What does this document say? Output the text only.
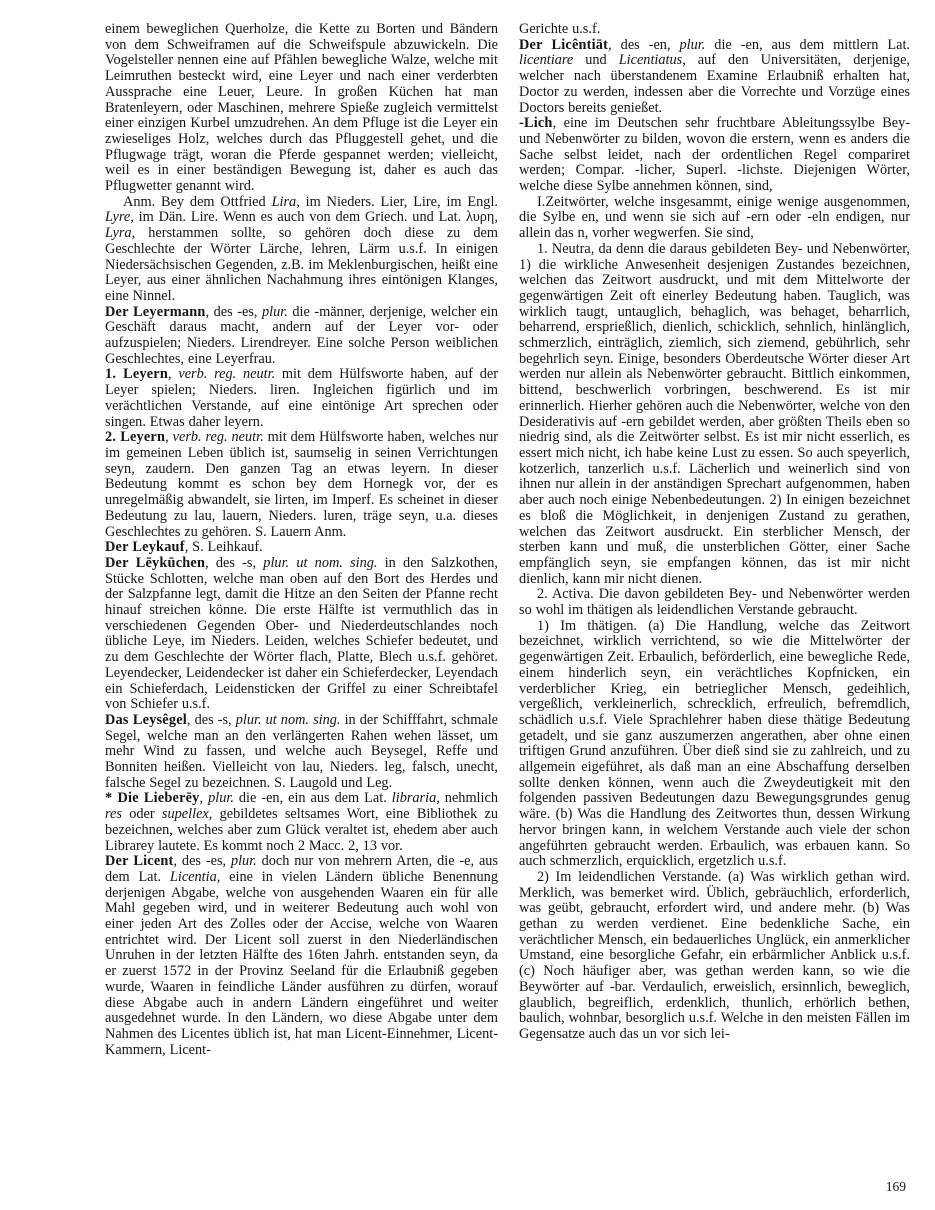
einem beweglichen Querholze, die Kette zu Borten und Bändern von dem Schweiframen auf die Schweifspule abzuwickeln. Die Vogelsteller nennen eine auf Pfählen bewegliche Walze, welche mit Leimruthen besteckt wird, eine Leyer und nach einer verderbten Aussprache eine Leuer, Leure. In großen Küchen hat man Bratenleyern, oder Maschinen, mehrere Spieße zugleich vermittelst einer einzigen Kurbel umzudrehen. An dem Pfluge ist die Leyer ein zwieseliges Holz, welches durch das Pfluggestell gehet, und die Pflugwage trägt, woran die Pferde gespannet werden; vielleicht, weil es in einer beständigen Bewegung ist, daher es auch das Pflugwetter genannt wird.

Anm. Bey dem Ottfried Lira, im Nieders. Lier, Lire, im Engl. Lyre, im Dän. Lire. Wenn es auch von dem Griech. und Lat. λυρη, Lyra, herstammen sollte, so gehören doch diese zu dem Geschlechte der Wörter Lärche, lehren, Lärm u.s.f. In einigen Niedersächsischen Gegenden, z.B. im Meklenburgischen, heißt eine Leyer, aus einer ähnlichen Nachahmung ihres eintönigen Klanges, eine Ninnel.

Der Leyermann, des -es, plur. die -männer, derjenige, welcher ein Geschäft daraus macht, andern auf der Leyer vor- oder aufzuspielen; Nieders. Lirendreyer. Eine solche Person weiblichen Geschlechtes, eine Leyerfrau.

1. Leyern, verb. reg. neutr. mit dem Hülfsworte haben, auf der Leyer spielen; Nieders. liren. Ingleichen figürlich und im verächtlichen Verstande, auf eine eintönige Art sprechen oder singen. Etwas daher leyern.

2. Leyern, verb. reg. neutr. mit dem Hülfsworte haben, welches nur im gemeinen Leben üblich ist, saumselig in seinen Verrichtungen seyn, zaudern. Den ganzen Tag an etwas leyern. In dieser Bedeutung kommt es schon bey dem Hornegk vor, der es unregelmäßig abwandelt, sie lirten, im Imperf. Es scheinet in dieser Bedeutung zu lau, lauern, Nieders. luren, träge seyn, u.a. dieses Geschlechtes zu gehören. S. Lauern Anm.

Der Leykauf, S. Leihkauf.

Der Lēykūchen, des -s, plur. ut nom. sing. in den Salzkothen, Stücke Schlotten, welche man oben auf den Bort des Herdes und der Salzpfanne legt, damit die Hitze an den Seiten der Pfanne recht hinauf streichen könne. Die erste Hälfte ist vermuthlich das in verschiedenen Gegenden Ober- und Niederdeutschlandes noch übliche Leye, im Nieders. Leiden, welches Schiefer bedeutet, und zu dem Geschlechte der Wörter flach, Platte, Blech u.s.f. gehöret. Leyendecker, Leidendecker ist daher ein Schieferdecker, Leyendach ein Schieferdach, Leidensticken der Griffel zu einer Schreibtafel von Schiefer u.s.f.

Das Leysêgel, des -s, plur. ut nom. sing. in der Schifffahrt, schmale Segel, welche man an den verlängerten Rahen wehen lässet, um mehr Wind zu fassen, und welche auch Beysegel, Reffe und Bonniten heißen. Vielleicht von lau, Nieders. leg, falsch, unecht, falsche Segel zu bezeichnen. S. Laugold und Leg.

* Die Lieberēy, plur. die -en, ein aus dem Lat. libraria, nehmlich res oder supellex, gebildetes seltsames Wort, eine Bibliothek zu bezeichnen, welches aber zum Glück veraltet ist, ehedem aber auch Librarey lautete. Es kommt noch 2 Macc. 2, 13 vor.

Der Licent, des -es, plur. doch nur von mehrern Arten, die -e, aus dem Lat. Licentia, eine in vielen Ländern übliche Benennung derjenigen Abgabe, welche von ausgehenden Waaren ein für alle Mahl gegeben wird, und in weiterer Bedeutung auch wohl von einer jeden Art des Zolles oder der Accise, welche von Waaren entrichtet wird. Der Licent soll zuerst in den Niederländischen Unruhen in der letzten Hälfte des 16ten Jahrh. entstanden seyn, da er zuerst 1572 in der Provinz Seeland für die Erlaubniß gegeben wurde, Waaren in feindliche Länder ausführen zu dürfen, worauf diese Abgabe auch in andern Ländern eingeführet und weiter ausgedehnet wurde. In den Ländern, wo diese Abgabe unter dem Nahmen des Licentes üblich ist, hat man Licent-Einnehmer, Licent-Kammern, Licent-

Gerichte u.s.f.

Der Licêntiāt, des -en, plur. die -en, aus dem mittlern Lat. licentiare und Licentiatus, auf den Universitäten, derjenige, welcher nach überstandenem Examine Erlaubniß erhalten hat, Doctor zu werden, indessen aber die Vorrechte und Vorzüge eines Doctors bereits genießet.

-Lich, eine im Deutschen sehr fruchtbare Ableitungssylbe Bey- und Nebenwörter zu bilden, wovon die erstern, wenn es anders die Sache selbst leidet, nach der ordentlichen Regel compariret werden; Compar. -licher, Superl. -lichste. Diejenigen Wörter, welche diese Sylbe annehmen können, sind,

I.Zeitwörter, welche insgesammt, einige wenige ausgenommen, die Sylbe en, und wenn sie sich auf -ern oder -eln endigen, nur allein das n, vorher wegwerfen. Sie sind,

1. Neutra, da denn die daraus gebildeten Bey- und Nebenwörter, 1) die wirkliche Anwesenheit desjenigen Zustandes bezeichnen, welchen das Zeitwort ausdruckt, und mit dem Mittelworte der gegenwärtigen Zeit oft einerley Bedeutung haben. Tauglich, was wirklich taugt, untauglich, behaglich, was behaget, beharrlich, beharrend, ersprießlich, dienlich, schicklich, sehnlich, hinlänglich, schmerzlich, einträglich, ziemlich, sich ziemend, gebührlich, sehr begehrlich seyn. Einige, besonders Oberdeutsche Wörter dieser Art werden nur allein als Nebenwörter gebraucht. Bittlich einkommen, bittend, beschwerlich vorbringen, beschwerend. Es ist mir erinnerlich. Hierher gehören auch die Nebenwörter, welche von den Desiderativis auf -ern gebildet werden, aber größten Theils eben so niedrig sind, als die Zeitwörter selbst. Es ist mir nicht esserlich, es essert mich nicht, ich habe keine Lust zu essen. So auch speyerlich, kotzerlich, tanzerlich u.s.f. Lächerlich und weinerlich sind von ihnen nur allein in der anständigen Sprechart aufgenommen, haben aber auch noch einige Nebenbedeutungen. 2) In einigen bezeichnet es bloß die Möglichkeit, in denjenigen Zustand zu gerathen, welchen das Zeitwort ausdruckt. Ein sterblicher Mensch, der sterben kann und muß, die unsterblichen Götter, einer Sache empfänglich seyn, sie empfangen können, das ist mir nicht dienlich, kann mir nicht dienen.

2. Activa. Die davon gebildeten Bey- und Nebenwörter werden so wohl im thätigen als leidendlichen Verstande gebraucht.

1) Im thätigen. (a) Die Handlung, welche das Zeitwort bezeichnet, wirklich verrichtend, so wie die Mittelwörter der gegenwärtigen Zeit. Erbaulich, beförderlich, eine bewegliche Rede, einem hinderlich seyn, ein verächtliches Kopfnicken, ein verderblicher Krieg, ein betrieglicher Mensch, gedeihlich, vergeßlich, verkleinerlich, schrecklich, erfreulich, befremdlich, schädlich u.s.f. Viele Sprachlehrer haben diese thätige Bedeutung getadelt, und sie ganz auszumerzen angerathen, aber ohne einen triftigen Grund anzuführen. Über dieß sind sie zu zahlreich, und zu allgemein eigeführet, als daß man an eine Abschaffung derselben sollte denken können, wenn auch die Zweydeutigkeit mit den folgenden passiven Bedeutungen dazu Bewegungsgrundes genug wäre. (b) Was die Handlung des Zeitwortes thun, dessen Wirkung hervor bringen kann, in welchem Verstande auch viele der schon angeführten gebraucht werden. Erbaulich, was erbauen kann. So auch schmerzlich, erquicklich, ergetzlich u.s.f.

2) Im leidendlichen Verstande. (a) Was wirklich gethan wird. Merklich, was bemerket wird. Üblich, gebräuchlich, erforderlich, was geübt, gebraucht, erfordert wird, und andere mehr. (b) Was gethan zu werden verdienet. Eine bedenkliche Sache, ein verächtlicher Mensch, ein bedauerliches Unglück, ein anmerklicher Umstand, eine besorgliche Gefahr, ein erbärmlicher Anblick u.s.f. (c) Noch häufiger aber, was gethan werden kann, so wie die Beywörter auf -bar. Verdaulich, erweislich, ersinnlich, beweglich, glaublich, begreiflich, erdenklich, thunlich, erhörlich bethen, baulich, wohnbar, besorglich u.s.f. Welche in den meisten Fällen im Gegensatze auch das un vor sich lei-

169
